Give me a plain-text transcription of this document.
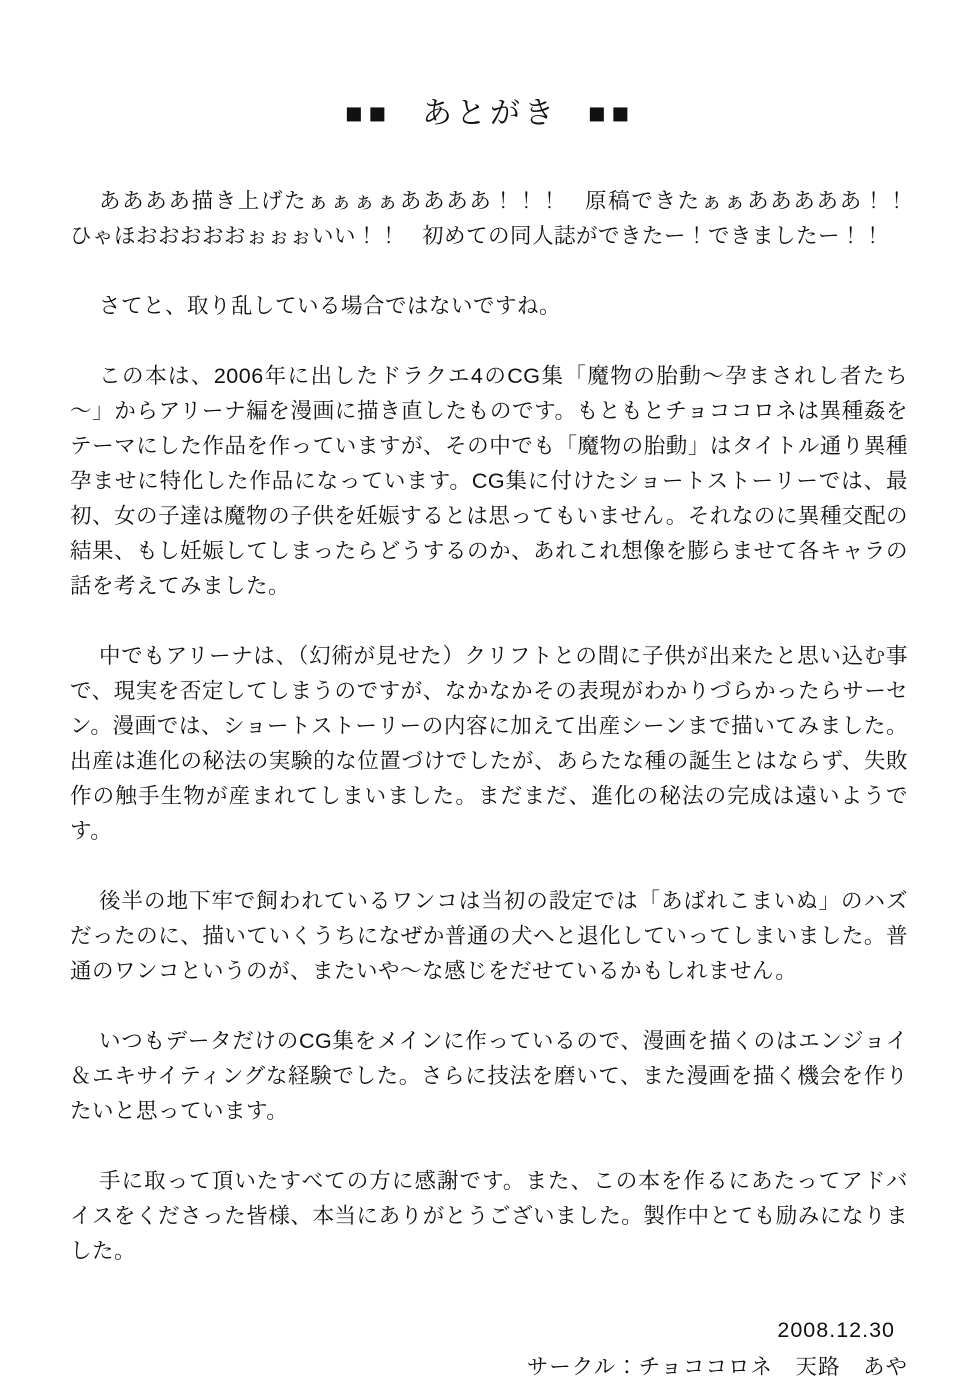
■■ あとがき ■■

ああああ描き上げたぁぁぁぁああああ！！！　原稿できたぁぁあああああ！！　ひゃほおおおおおぉぉぉいい！！　初めての同人誌ができたー！できましたー！！

さてと、取り乱している場合ではないですね。

この本は、2006年に出したドラクエ4のCG集「魔物の胎動～孕まされし者たち～」からアリーナ編を漫画に描き直したものです。もともとチョココロネは異種姦をテーマにした作品を作っていますが、その中でも「魔物の胎動」はタイトル通り異種孕ませに特化した作品になっています。CG集に付けたショートストーリーでは、最初、女の子達は魔物の子供を妊娠するとは思ってもいません。それなのに異種交配の結果、もし妊娠してしまったらどうするのか、あれこれ想像を膨らませて各キャラの話を考えてみました。

中でもアリーナは、（幻術が見せた）クリフトとの間に子供が出来たと思い込む事で、現実を否定してしまうのですが、なかなかその表現がわかりづらかったらサーセン。漫画では、ショートストーリーの内容に加えて出産シーンまで描いてみました。出産は進化の秘法の実験的な位置づけでしたが、あらたな種の誕生とはならず、失敗作の触手生物が産まれてしまいました。まだまだ、進化の秘法の完成は遠いようです。

後半の地下牢で飼われているワンコは当初の設定では「あばれこまいぬ」のハズだったのに、描いていくうちになぜか普通の犬へと退化していってしまいました。普通のワンコというのが、またいや～な感じをだせているかもしれません。

いつもデータだけのCG集をメインに作っているので、漫画を描くのはエンジョイ＆エキサイティングな経験でした。さらに技法を磨いて、また漫画を描く機会を作りたいと思っています。

手に取って頂いたすべての方に感謝です。また、この本を作るにあたってアドバイスをくださった皆様、本当にありがとうございました。製作中とても励みになりました。

2008.12.30
サークル：チョココロネ　天路　あや
